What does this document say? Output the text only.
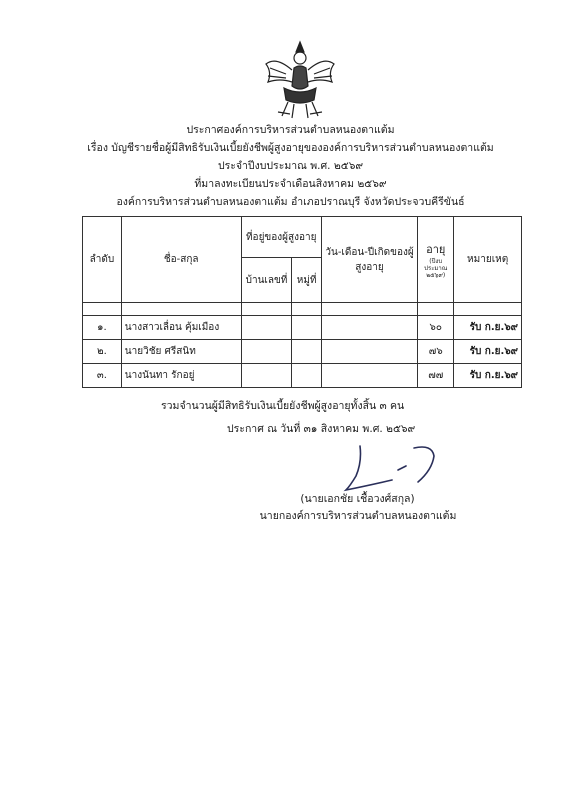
ประกาศองค์การบริหารส่วนตำบลหนองตาแต้ม

เรื่อง บัญชีรายชื่อผู้มีสิทธิรับเงินเบี้ยยังชีพผู้สูงอายุขององค์การบริหารส่วนตำบลหนองตาแต้ม

ประจำปีงบประมาณ พ.ศ. ๒๕๖๙

ที่มาลงทะเบียนประจำเดือนสิงหาคม ๒๕๖๙

องค์การบริหารส่วนตำบลหนองตาแต้ม อำเภอปราณบุรี จังหวัดประจวบคีรีขันธ์

ลำดับ	ชื่อ-สกุล	ที่อยู่ของผู้สูงอายุ		วัน-เดือน-ปีเกิดของผู้สูงอายุ	อายุ
(ปีงบ
ประมาณ
๒๕๖๙)	หมายเหตุ
		บ้านเลขที่	หมู่ที่			

๑.	นางสาวเลื่อน คุ้มเมือง				๖๐	รับ ก.ย.๖๙
๒.	นายวิชัย ศรีสนิท				๗๖	รับ ก.ย.๖๙
๓.	นางนันทา รักอยู่				๗๗	รับ ก.ย.๖๙
รวมจำนวนผู้มีสิทธิรับเงินเบี้ยยังชีพผู้สูงอายุทั้งสิ้น ๓ คน
ประกาศ ณ วันที่ ๓๑ สิงหาคม พ.ศ. ๒๕๖๙
(นายเอกชัย เชื้อวงศ์สกุล)
นายกองค์การบริหารส่วนตำบลหนองตาแต้ม
